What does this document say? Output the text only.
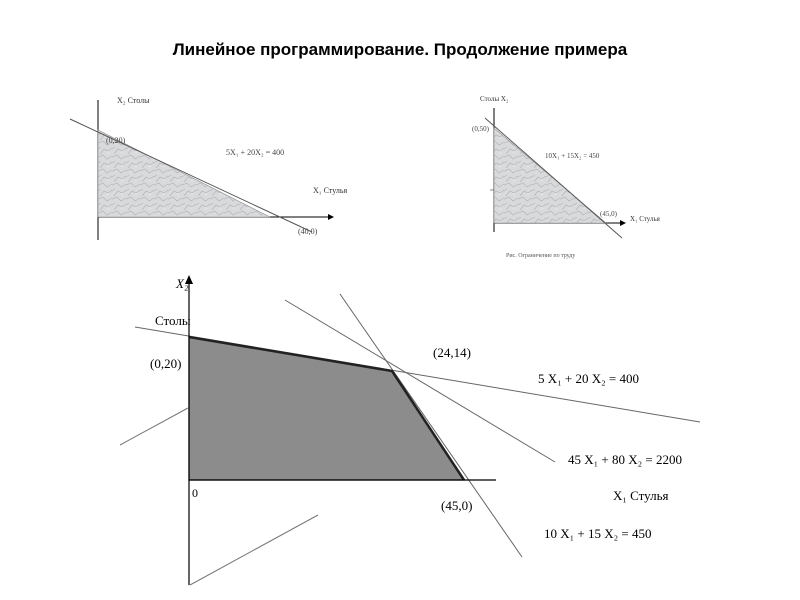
Линейное программирование. Продолжение примера
X₂ Столы
X₁ Стулья
(0,20)
(40,0)
5X₁ + 20X₂ = 400
Столы X₂
X₁ Стулья
(0,50)
(45,0)
10X₁ + 15X₂ = 450
Рис. Ограничение по труду
X₂
Столы
(0,20)
(24,14)
(45,0)
0	X₁ Стулья
5 X₁ + 20 X₂ = 400
45 X₁ + 80 X₂ = 2200
10 X₁ + 15 X₂ = 450
